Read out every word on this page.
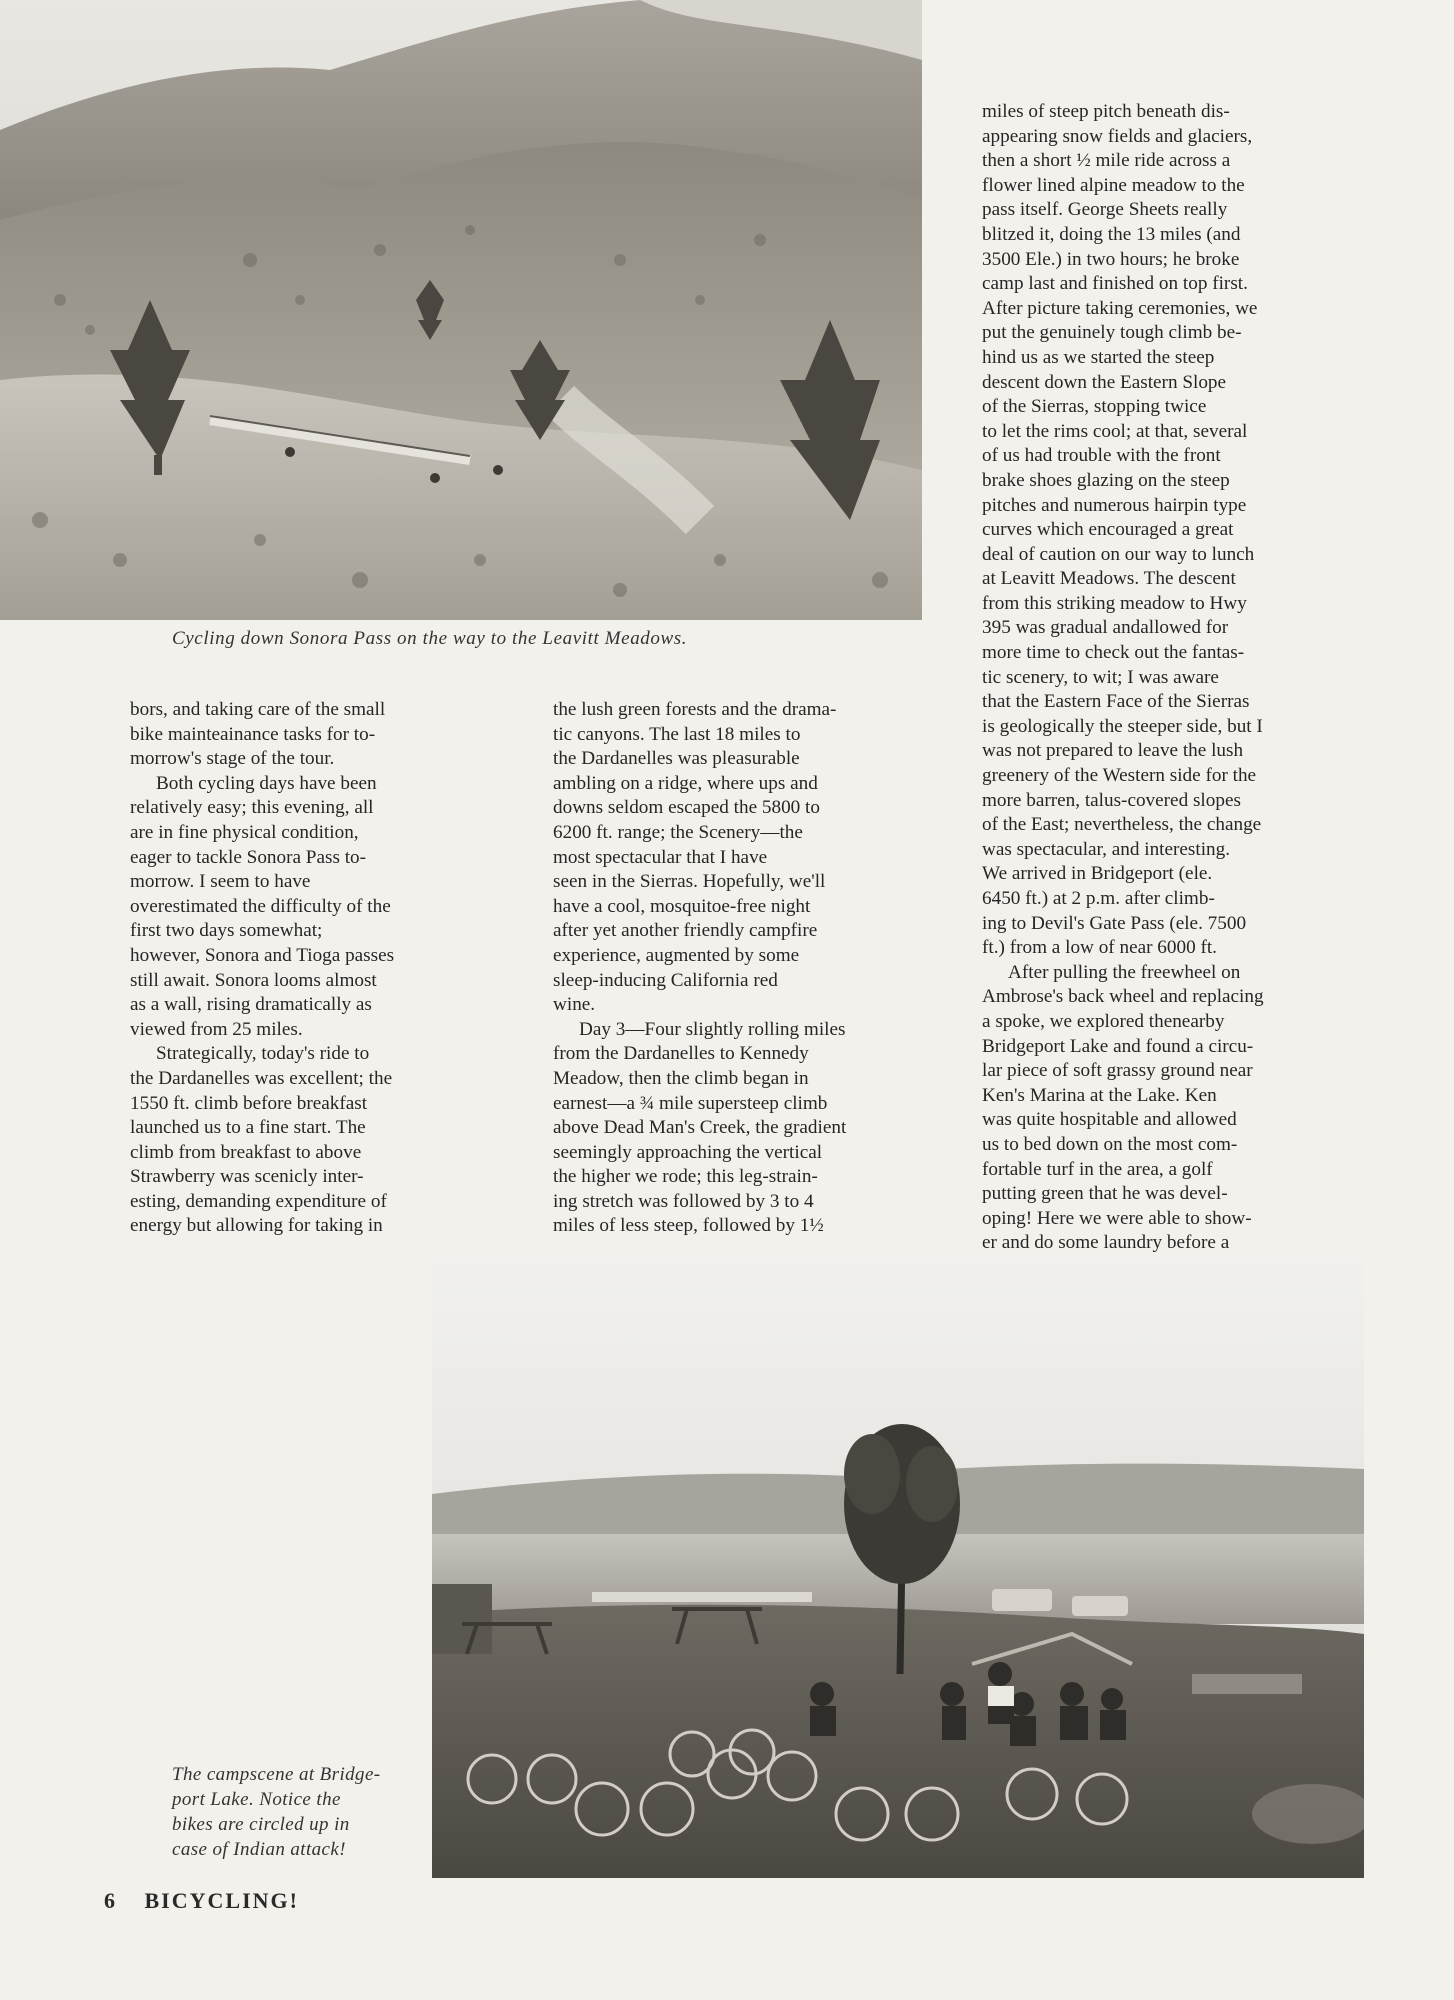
Cycling down Sonora Pass on the way to the Leavitt Meadows.

bors, and taking care of the small

bike mainteainance tasks for to-

morrow's stage of the tour.

Both cycling days have been

relatively easy; this evening, all

are in fine physical condition,

eager to tackle Sonora Pass to-

morrow. I seem to have

overestimated the difficulty of the

first two days somewhat;

however, Sonora and Tioga passes

still await. Sonora looms almost

as a wall, rising dramatically as

viewed from 25 miles.

Strategically, today's ride to

the Dardanelles was excellent; the

1550 ft. climb before breakfast

launched us to a fine start. The

climb from breakfast to above

Strawberry was scenicly inter-

esting, demanding expenditure of

energy but allowing for taking in

the lush green forests and the drama-

tic canyons. The last 18 miles to

the Dardanelles was pleasurable

ambling on a ridge, where ups and

downs seldom escaped the 5800 to

6200 ft. range; the Scenery—the

most spectacular that I have

seen in the Sierras. Hopefully, we'll

have a cool, mosquitoe-free night

after yet another friendly campfire

experience, augmented by some

sleep-inducing California red

wine.

Day 3—Four slightly rolling miles

from the Dardanelles to Kennedy

Meadow, then the climb began in

earnest—a ¾ mile supersteep climb

above Dead Man's Creek, the gradient

seemingly approaching the vertical

the higher we rode; this leg-strain-

ing stretch was followed by 3 to 4

miles of less steep, followed by 1½

miles of steep pitch beneath dis-

appearing snow fields and glaciers,

then a short ½ mile ride across a

flower lined alpine meadow to the

pass itself. George Sheets really

blitzed it, doing the 13 miles (and

3500 Ele.) in two hours; he broke

camp last and finished on top first.

After picture taking ceremonies, we

put the genuinely tough climb be-

hind us as we started the steep

descent down the Eastern Slope

of the Sierras, stopping twice

to let the rims cool; at that, several

of us had trouble with the front

brake shoes glazing on the steep

pitches and numerous hairpin type

curves which encouraged a great

deal of caution on our way to lunch

at Leavitt Meadows. The descent

from this striking meadow to Hwy

395 was gradual andallowed for

more time to check out the fantas-

tic scenery, to wit; I was aware

that the Eastern Face of the Sierras

is geologically the steeper side, but I

was not prepared to leave the lush

greenery of the Western side for the

more barren, talus-covered slopes

of the East; nevertheless, the change

was spectacular, and interesting.

We arrived in Bridgeport (ele.

6450 ft.) at 2 p.m. after climb-

ing to Devil's Gate Pass (ele. 7500

ft.) from a low of near 6000 ft.

After pulling the freewheel on

Ambrose's back wheel and replacing

a spoke, we explored thenearby

Bridgeport Lake and found a circu-

lar piece of soft grassy ground near

Ken's Marina at the Lake. Ken

was quite hospitable and allowed

us to bed down on the most com-

fortable turf in the area, a golf

putting green that he was devel-

oping! Here we were able to show-

er and do some laundry before a

The campscene at Bridge-
port Lake. Notice the
bikes are circled up in
case of Indian attack!
6 BICYCLING!
